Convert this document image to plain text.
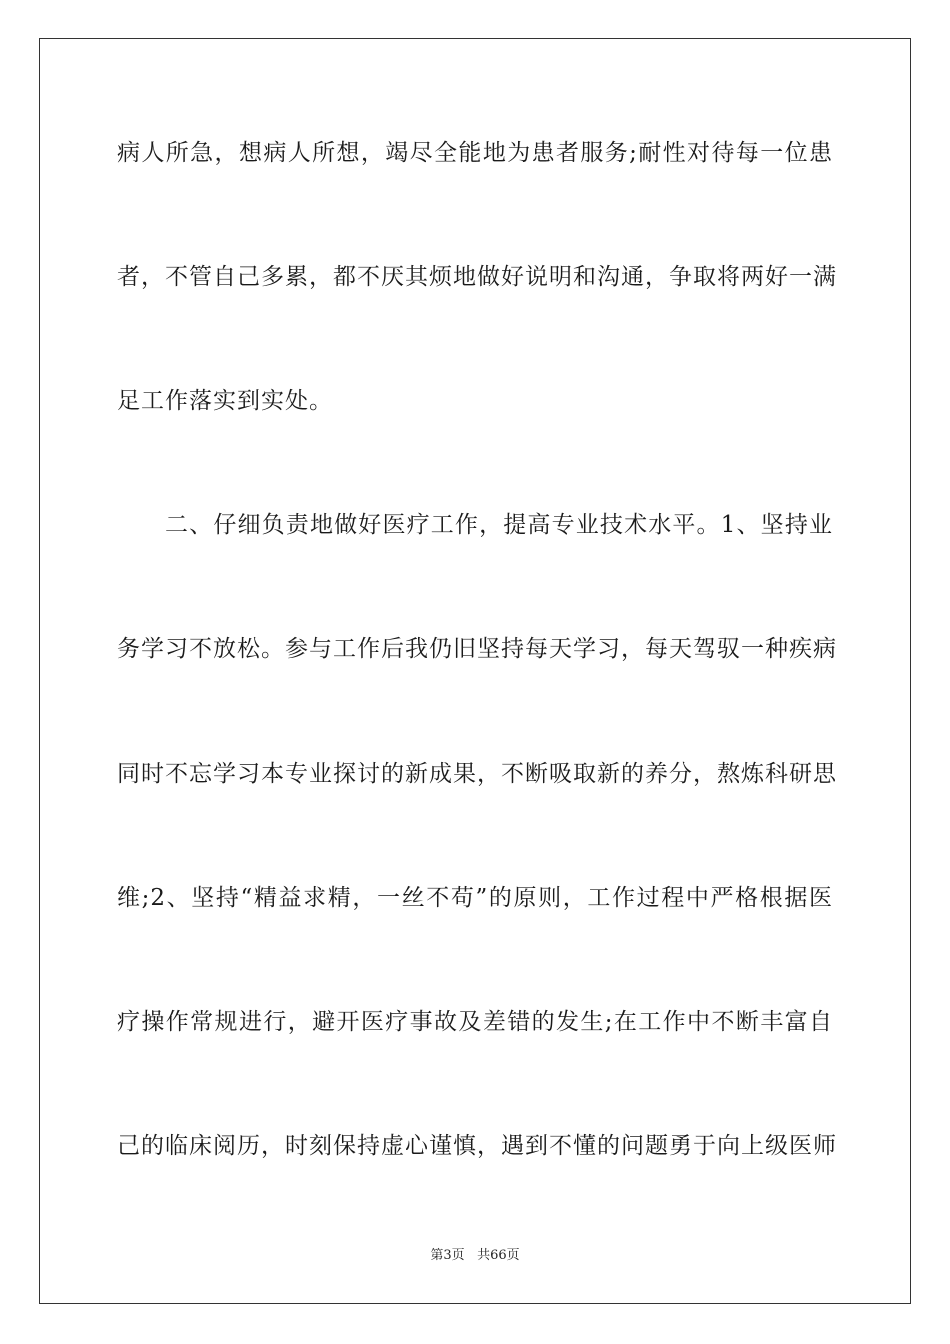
病人所急，想病人所想，竭尽全能地为患者服务;耐性对待每一位患
者，不管自己多累，都不厌其烦地做好说明和沟通，争取将两好一满
足工作落实到实处。
二、仔细负责地做好医疗工作，提高专业技术水平。1、坚持业
务学习不放松。参与工作后我仍旧坚持每天学习，每天驾驭一种疾病
同时不忘学习本专业探讨的新成果，不断吸取新的养分，熬炼科研思
维;2、坚持“精益求精，一丝不苟”的原则，工作过程中严格根据医
疗操作常规进行，避开医疗事故及差错的发生;在工作中不断丰富自
己的临床阅历，时刻保持虚心谨慎，遇到不懂的问题勇于向上级医师
第3页 共66页
